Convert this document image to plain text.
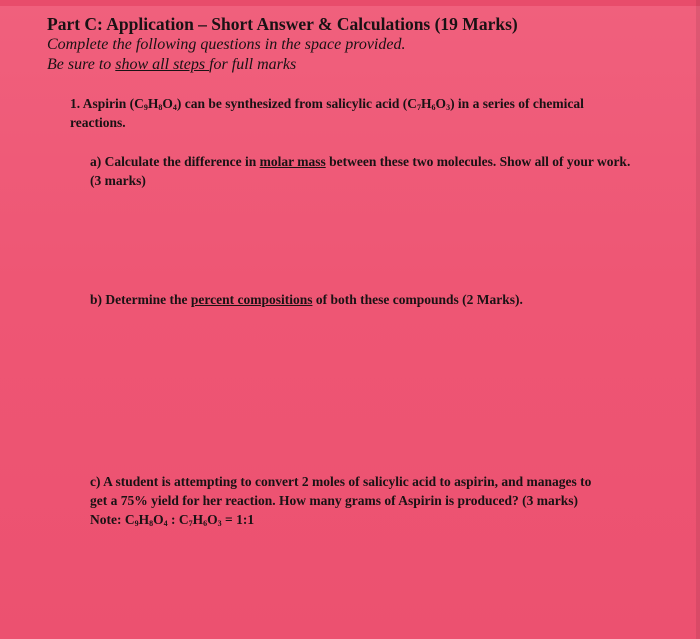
Part C: Application – Short Answer & Calculations (19 Marks)
Complete the following questions in the space provided.
Be sure to show all steps for full marks
1. Aspirin $(C_9H_8O_4)$ can be synthesized from salicylic acid $(C_7H_6O_3)$ in a series of chemical
reactions.
a) Calculate the difference in molar mass between these two molecules. Show all of your work.
(3 marks)
b) Determine the percent compositions of both these compounds (2 Marks).
c) A student is attempting to convert 2 moles of salicylic acid to aspirin, and manages to
get a 75% yield for her reaction. How many grams of Aspirin is produced? (3 marks)
Note: $C_9H_8O_4$ : $C_7H_6O_3$ = 1:1
